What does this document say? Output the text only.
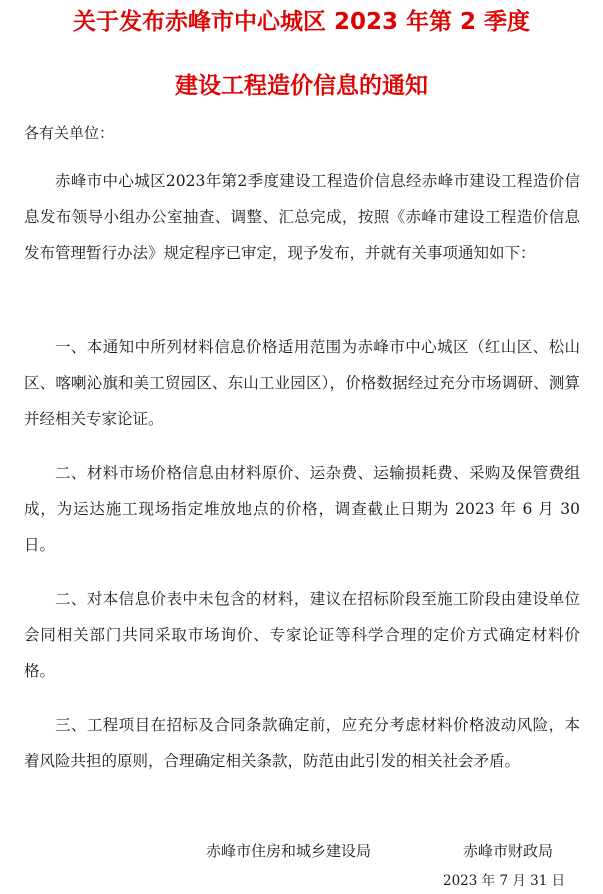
关于发布赤峰市中心城区 2023 年第 2 季度
建设工程造价信息的通知
各有关单位：

赤峰市中心城区2023年第2季度建设工程造价信息经赤峰市建设工程造价信息发布领导小组办公室抽查、调整、汇总完成，按照《赤峰市建设工程造价信息发布管理暂行办法》规定程序已审定，现予发布，并就有关事项通知如下：

一、本通知中所列材料信息价格适用范围为赤峰市中心城区（红山区、松山区、喀喇沁旗和美工贸园区、东山工业园区），价格数据经过充分市场调研、测算并经相关专家论证。

二、材料市场价格信息由材料原价、运杂费、运输损耗费、采购及保管费组成，为运达施工现场指定堆放地点的价格，调查截止日期为 2023 年 6 月 30 日。

二、对本信息价表中未包含的材料，建议在招标阶段至施工阶段由建设单位会同相关部门共同采取市场询价、专家论证等科学合理的定价方式确定材料价格。

三、工程项目在招标及合同条款确定前，应充分考虑材料价格波动风险，本着风险共担的原则，合理确定相关条款，防范由此引发的相关社会矛盾。

赤峰市住房和城乡建设局	赤峰市财政局
2023 年 7 月 31 日
